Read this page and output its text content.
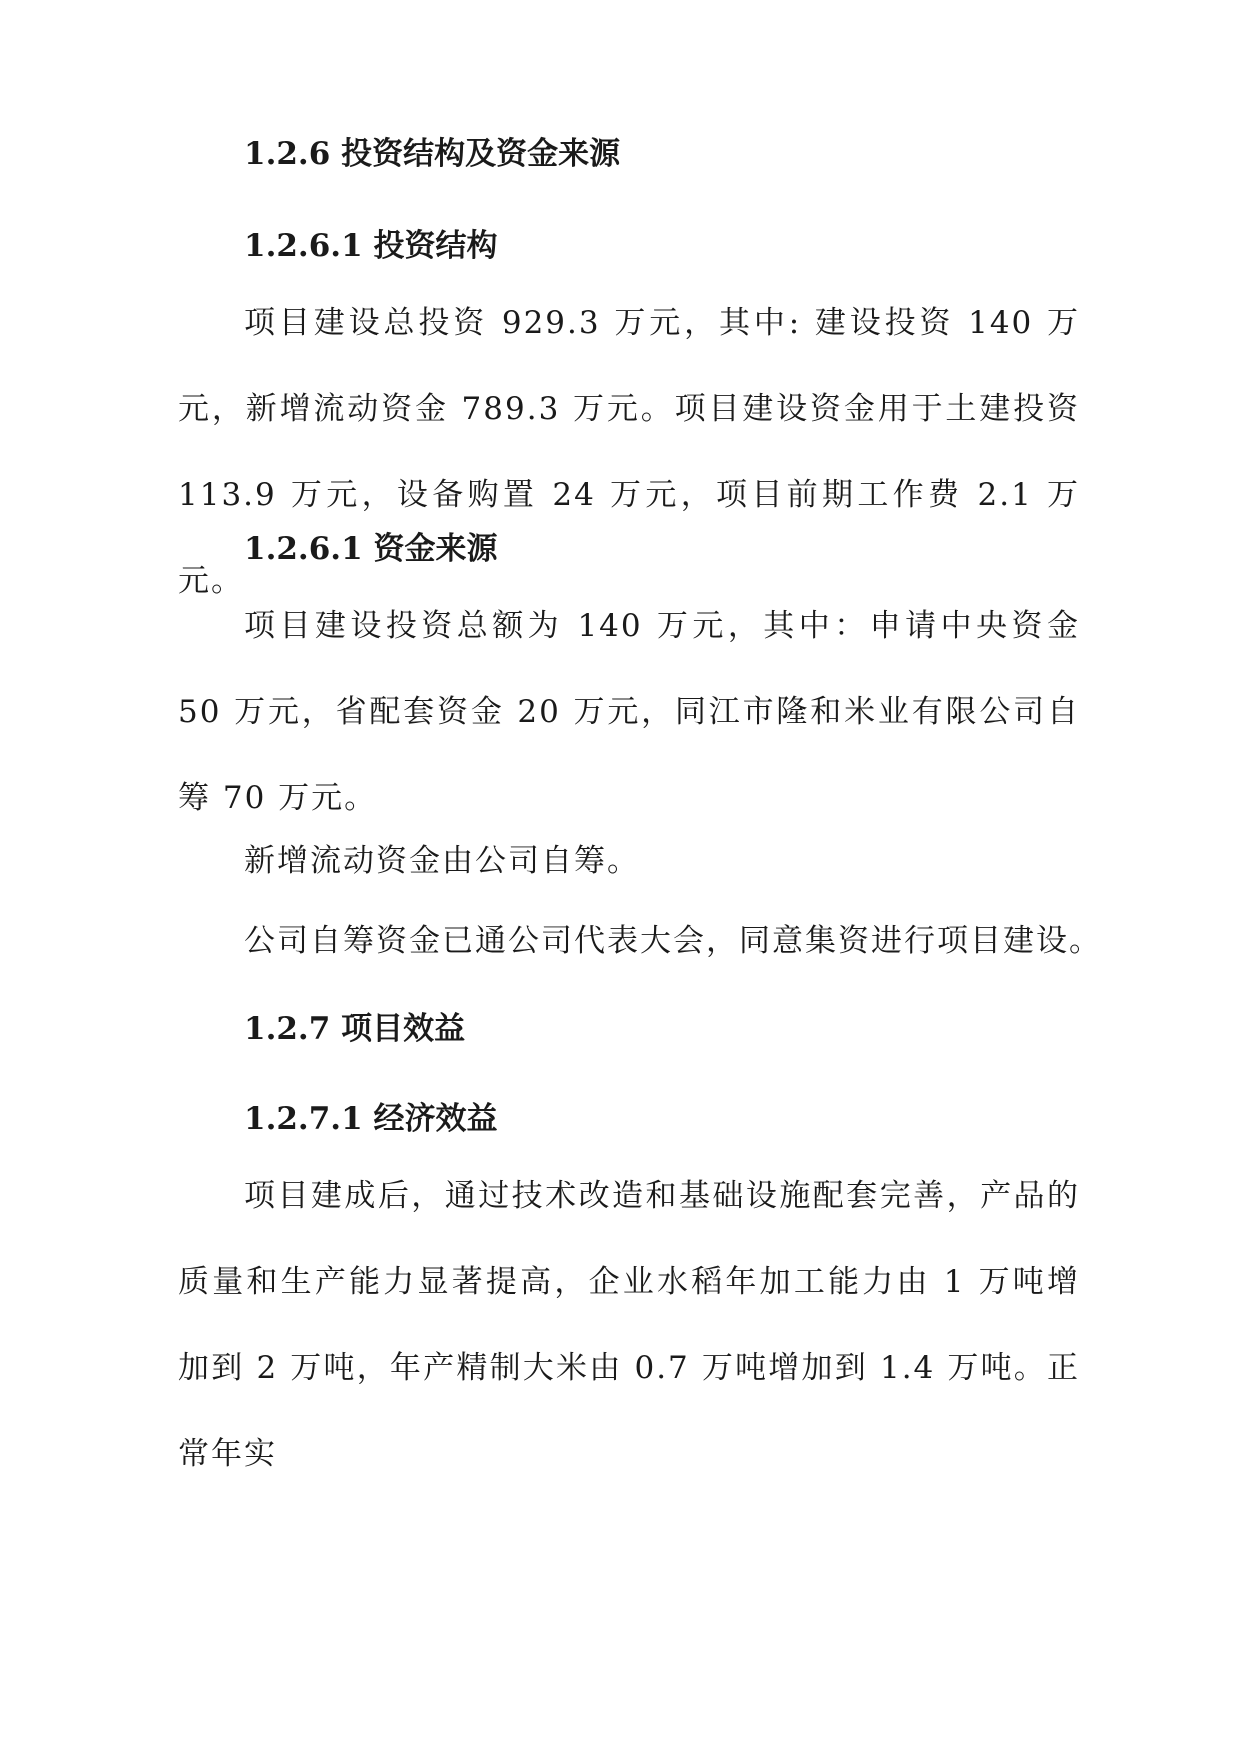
1.2.6 投资结构及资金来源
1.2.6.1 投资结构

项目建设总投资 929.3 万元，其中: 建设投资 140 万元，新增流动资金 789.3 万元。项目建设资金用于土建投资 113.9 万元，设备购置 24 万元，项目前期工作费 2.1 万元。

1.2.6.1 资金来源

项目建设投资总额为 140 万元，其中：申请中央资金 50 万元，省配套资金 20 万元，同江市隆和米业有限公司自筹 70 万元。

新增流动资金由公司自筹。

公司自筹资金已通公司代表大会，同意集资进行项目建设。

1.2.7 项目效益
1.2.7.1 经济效益

项目建成后，通过技术改造和基础设施配套完善，产品的质量和生产能力显著提高，企业水稻年加工能力由 1 万吨增加到 2 万吨，年产精制大米由 0.7 万吨增加到 1.4 万吨。正常年实
